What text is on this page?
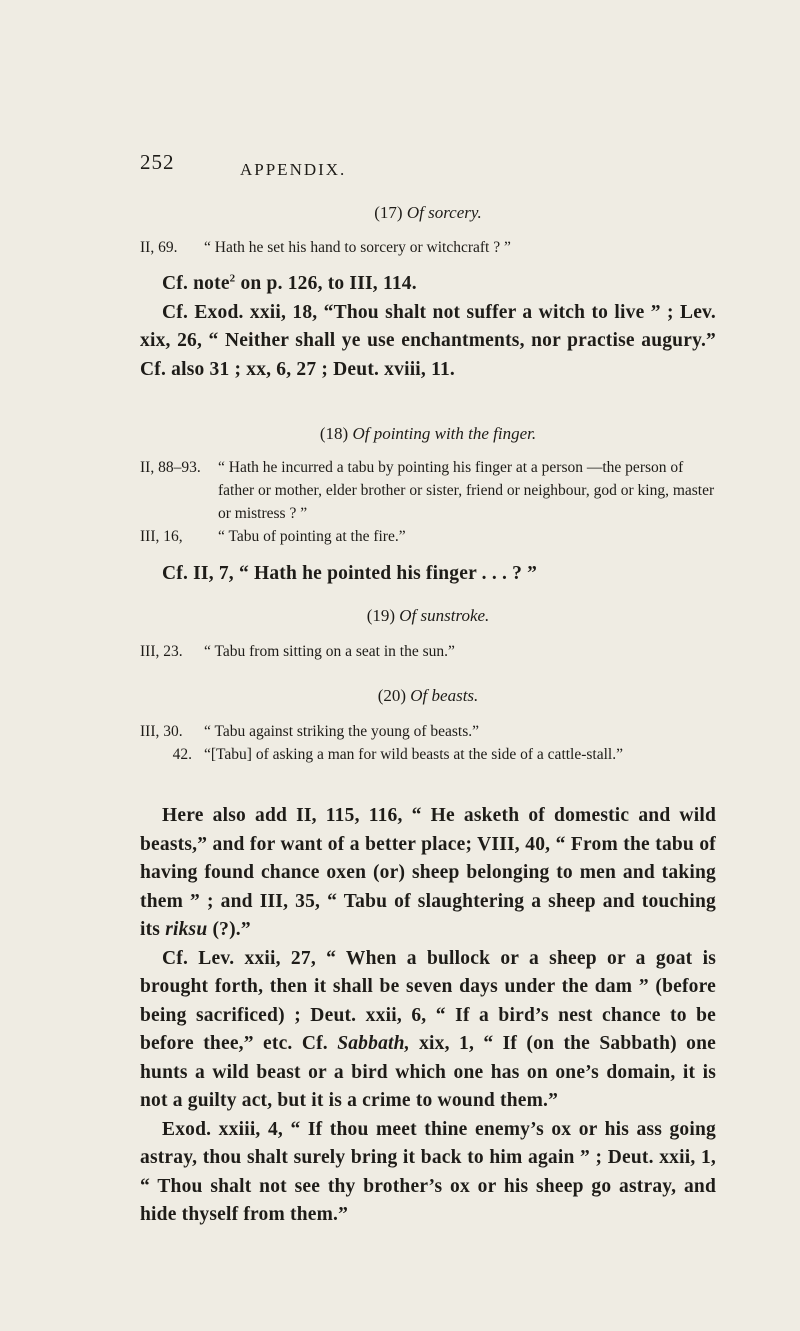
252	APPENDIX.
(17) Of sorcery.
II, 69.	“ Hath he set his hand to sorcery or witchcraft ? ”

Cf. note$^2$ on p. 126, to III, 114.

Cf. Exod. xxii, 18, “Thou shalt not suffer a witch to live ” ; Lev. xix, 26, “ Neither shall ye use enchantments, nor practise augury.” Cf. also 31 ; xx, 6, 27 ; Deut. xviii, 11.

(18) Of pointing with the finger.
II, 88–93.	“ Hath he incurred a tabu by pointing his finger at a person —the person of father or mother, elder brother or sister, friend or neighbour, god or king, master or mistress ? ”
III, 16,	“ Tabu of pointing at the fire.”

Cf. II, 7, “ Hath he pointed his finger . . . ? ”

(19) Of sunstroke.
III, 23.	“ Tabu from sitting on a seat in the sun.”
(20) Of beasts.
III, 30.	“ Tabu against striking the young of beasts.”
42. “[Tabu] of asking a man for wild beasts at the side of a cattle-stall.”

Here also add II, 115, 116, “ He asketh of domestic and wild beasts,” and for want of a better place; VIII, 40, “ From the tabu of having found chance oxen (or) sheep belonging to men and taking them ” ; and III, 35, “ Tabu of slaughtering a sheep and touching its riksu (?).”

Cf. Lev. xxii, 27, “ When a bullock or a sheep or a goat is brought forth, then it shall be seven days under the dam ” (before being sacrificed) ; Deut. xxii, 6, “ If a bird’s nest chance to be before thee,” etc. Cf. Sabbath, xix, 1, “ If (on the Sabbath) one hunts a wild beast or a bird which one has on one’s domain, it is not a guilty act, but it is a crime to wound them.”

Exod. xxiii, 4, “ If thou meet thine enemy’s ox or his ass going astray, thou shalt surely bring it back to him again ” ; Deut. xxii, 1, “ Thou shalt not see thy brother’s ox or his sheep go astray, and hide thyself from them.”
